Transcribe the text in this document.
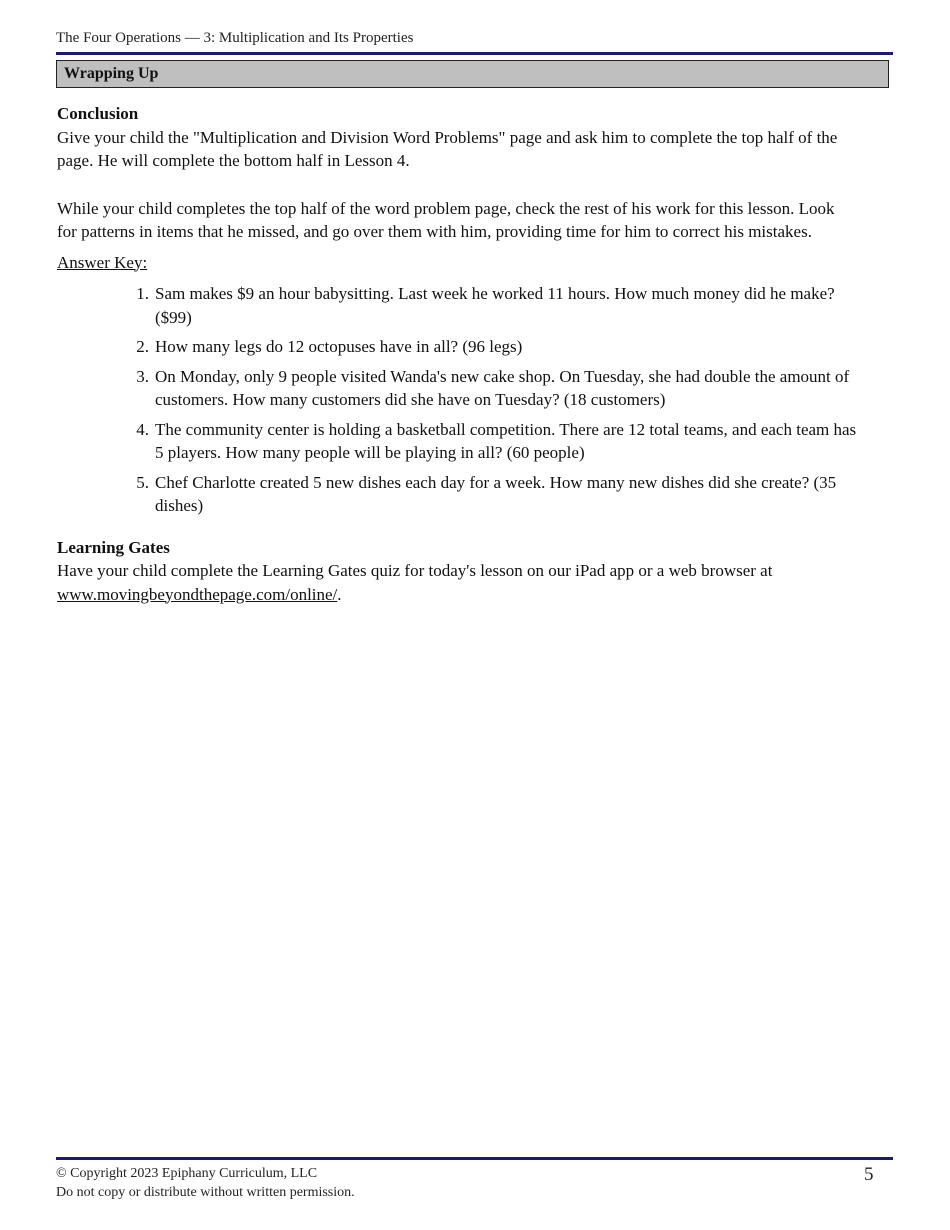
The Four Operations — 3: Multiplication and Its Properties
Wrapping Up

Conclusion

Give your child the "Multiplication and Division Word Problems" page and ask him to complete the top half of the page. He will complete the bottom half in Lesson 4.

While your child completes the top half of the word problem page, check the rest of his work for this lesson. Look for patterns in items that he missed, and go over them with him, providing time for him to correct his mistakes.

Answer Key:

1. Sam makes $9 an hour babysitting. Last week he worked 11 hours. How much money did he make? ($99)
2. How many legs do 12 octopuses have in all? (96 legs)
3. On Monday, only 9 people visited Wanda's new cake shop. On Tuesday, she had double the amount of customers. How many customers did she have on Tuesday? (18 customers)
4. The community center is holding a basketball competition. There are 12 total teams, and each team has 5 players. How many people will be playing in all? (60 people)
5. Chef Charlotte created 5 new dishes each day for a week. How many new dishes did she create? (35 dishes)

Learning Gates

Have your child complete the Learning Gates quiz for today's lesson on our iPad app or a web browser at www.movingbeyondthepage.com/online/.

© Copyright 2023 Epiphany Curriculum, LLC
Do not copy or distribute without written permission.
5
